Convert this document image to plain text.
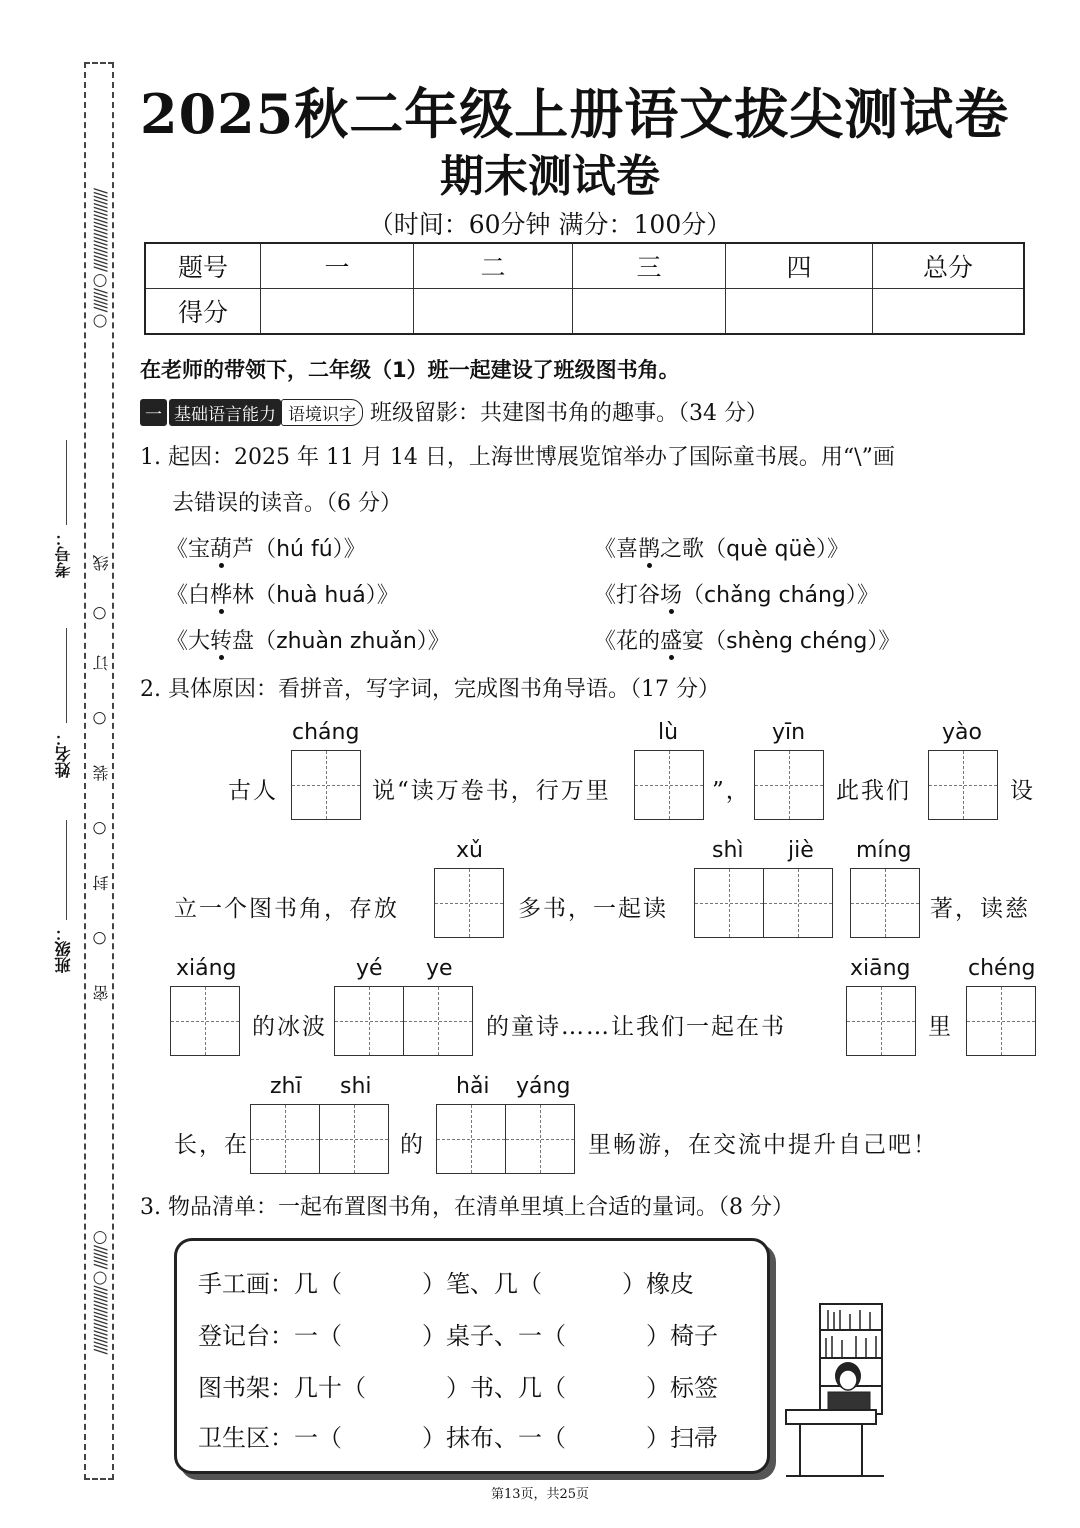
//////////////////////○//////○
○//////○//////////////////
考号：
姓名：
班级：
线
○
订
○
装
○
封
○
密
2025秋二年级上册语文拔尖测试卷
期末测试卷
（时间：60分钟 满分：100分）
题号	一	二	三	四	总分
得分					
在老师的带领下，二年级（1）班一起建设了班级图书角。
一 基础语言能力 语境识字 班级留影：共建图书角的趣事。（34 分）
1. 起因：2025 年 11 月 14 日，上海世博展览馆举办了国际童书展。用“\”画
去错误的读音。（6 分）
《宝葫芦（hú fú）》	《喜鹊之歌（què qüè）》
《白桦林（huà huá）》	《打谷场（chǎng cháng）》
《大转盘（zhuàn zhuǎn）》	《花的盛宴（shèng chéng）》
2. 具体原因：看拼音，写字词，完成图书角导语。（17 分）
cháng
古人	说“读万卷书，行万里
lù
”，
yīn
此我们
yào
设
立一个图书角，存放
xǔ
多书，一起读
shì jiè míng
著，读慈
xiáng
的冰波
yé ye
的童诗……让我们一起在书
xiāng
里
chéng
长，在
zhī shi
的
hǎi yáng
里畅游，在交流中提升自己吧！
3. 物品清单：一起布置图书角，在清单里填上合适的量词。（8 分）
手工画：几（	）笔、几（	）橡皮
登记台：一（	）桌子、一（	）椅子
图书架：几十（	）书、几（	）标签
卫生区：一（	）抹布、一（	）扫帚
第13页，共25页
